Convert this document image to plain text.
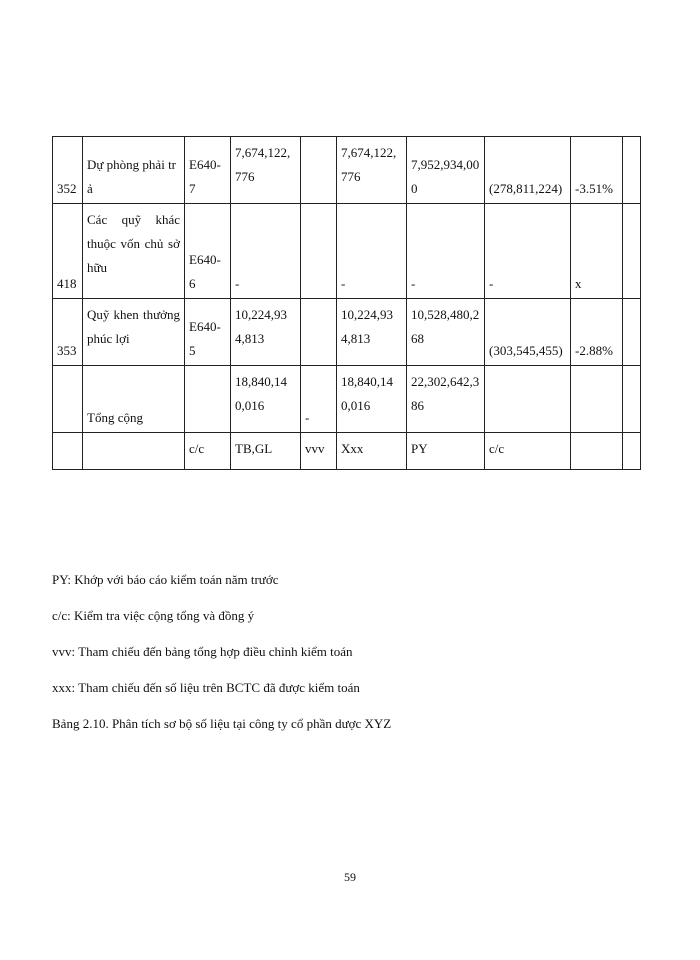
352	Dự phòng phải trả	E640-7	7,674,122,776		7,674,122,776	7,952,934,000	(278,811,224)	-3.51%	
418	Các quỹ khác thuộc vốn chủ sở hữu	E640-6	-		-	-	-	x	
353	Quỹ khen thưởng phúc lợi	E640-5	10,224,934,813		10,224,934,813	10,528,480,268	(303,545,455)	-2.88%	
	Tổng cộng		18,840,140,016	-	18,840,140,016	22,302,642,386			
		c/c	TB,GL	vvv	Xxx	PY	c/c		
PY: Khớp với báo cáo kiểm toán năm trước
c/c: Kiểm tra việc cộng tổng và đồng ý
vvv: Tham chiếu đến bảng tổng hợp điều chỉnh kiểm toán
xxx: Tham chiếu đến số liệu trên BCTC đã được kiểm toán
Bảng 2.10. Phân tích sơ bộ số liệu tại công ty cổ phần dược XYZ
59
